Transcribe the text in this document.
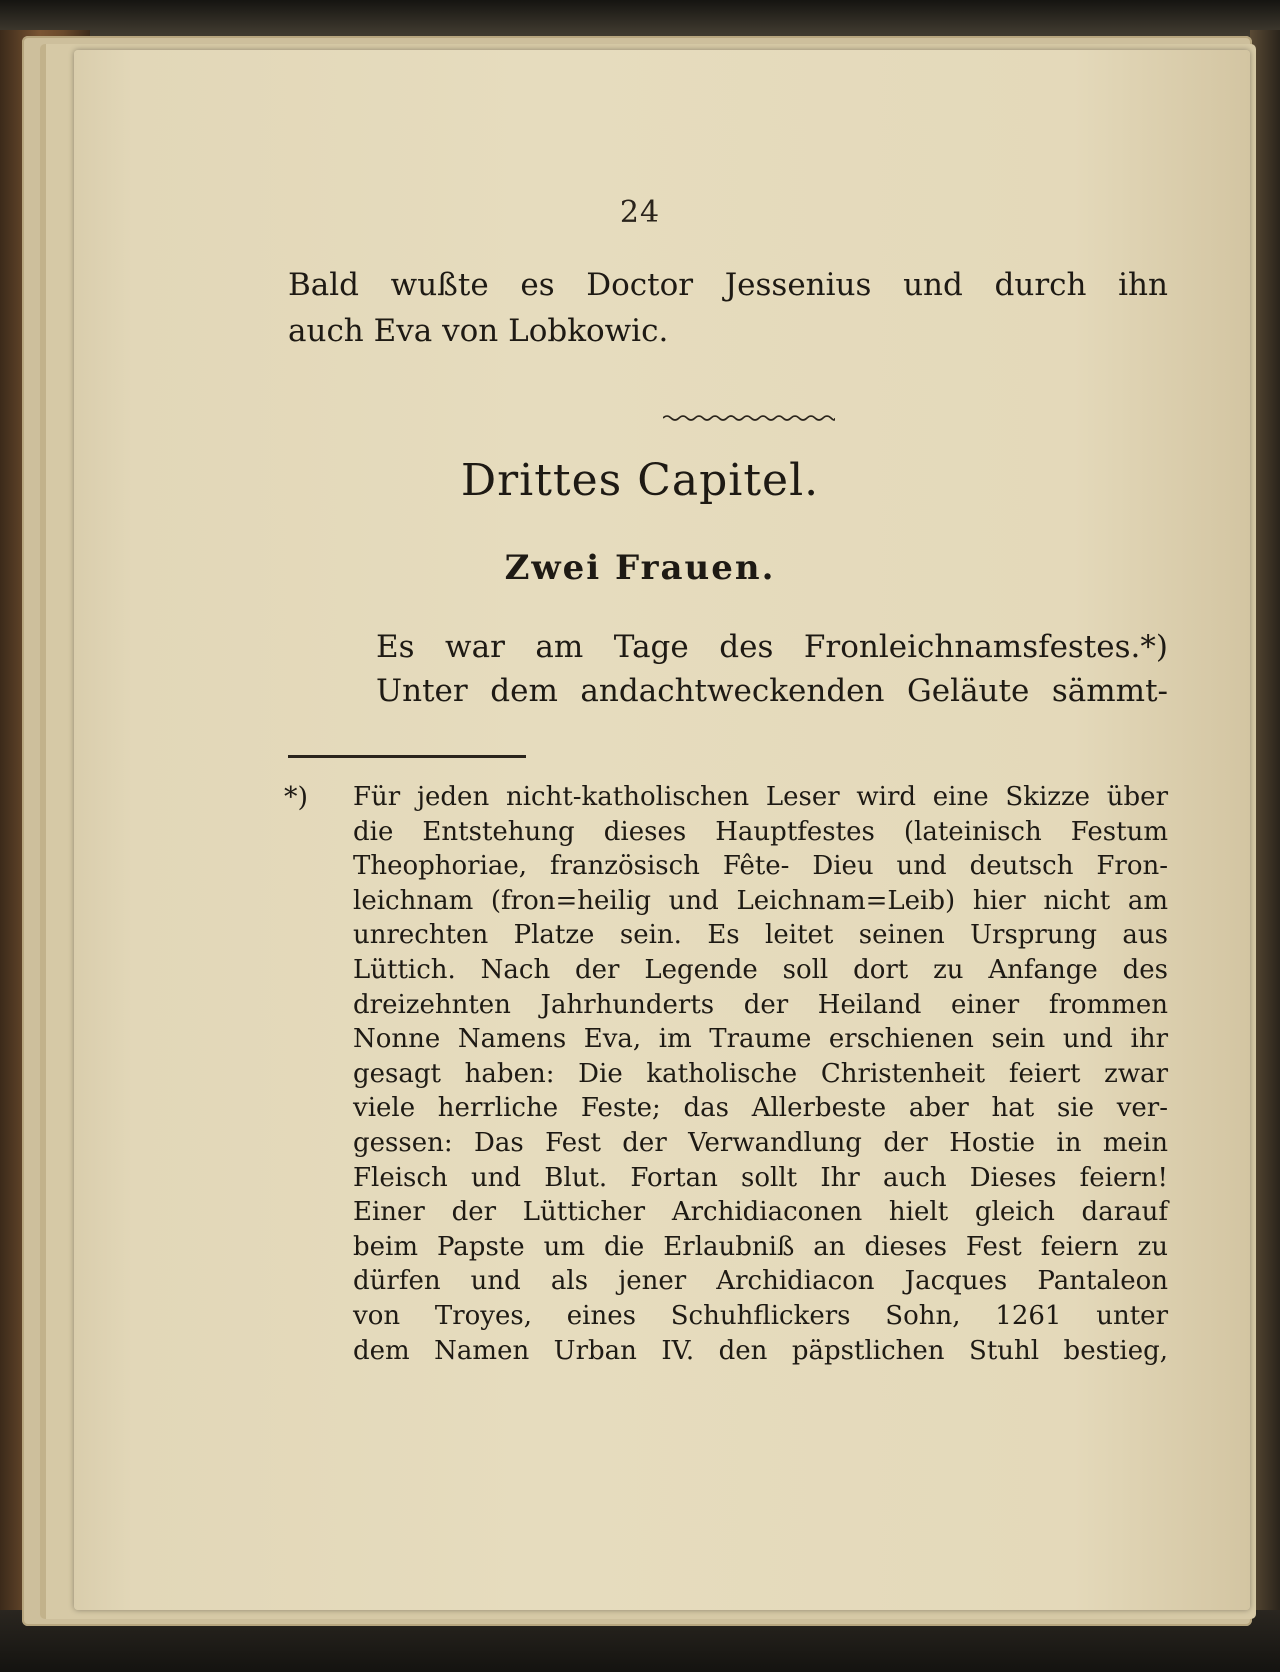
24
Bald wußte es Doctor Jessenius und durch ihn
auch Eva von Lobkowic.
Drittes Capitel.
Zwei Frauen.
Es war am Tage des Fronleichnamsfestes.*)
Unter dem andachtweckenden Geläute sämmt-
*) Für jeden nicht-katholischen Leser wird eine Skizze über
die Entstehung dieses Hauptfestes (lateinisch Festum
Theophoriae, französisch Fête- Dieu und deutsch Fron-
leichnam (fron=heilig und Leichnam=Leib) hier nicht am
unrechten Platze sein. Es leitet seinen Ursprung aus
Lüttich. Nach der Legende soll dort zu Anfange des
dreizehnten Jahrhunderts der Heiland einer frommen
Nonne Namens Eva, im Traume erschienen sein und ihr
gesagt haben: Die katholische Christenheit feiert zwar
viele herrliche Feste; das Allerbeste aber hat sie ver-
gessen: Das Fest der Verwandlung der Hostie in mein
Fleisch und Blut. Fortan sollt Ihr auch Dieses feiern!
Einer der Lütticher Archidiaconen hielt gleich darauf
beim Papste um die Erlaubniß an dieses Fest feiern zu
dürfen und als jener Archidiacon Jacques Pantaleon
von Troyes, eines Schuhflickers Sohn, 1261 unter
dem Namen Urban IV. den päpstlichen Stuhl bestieg,
